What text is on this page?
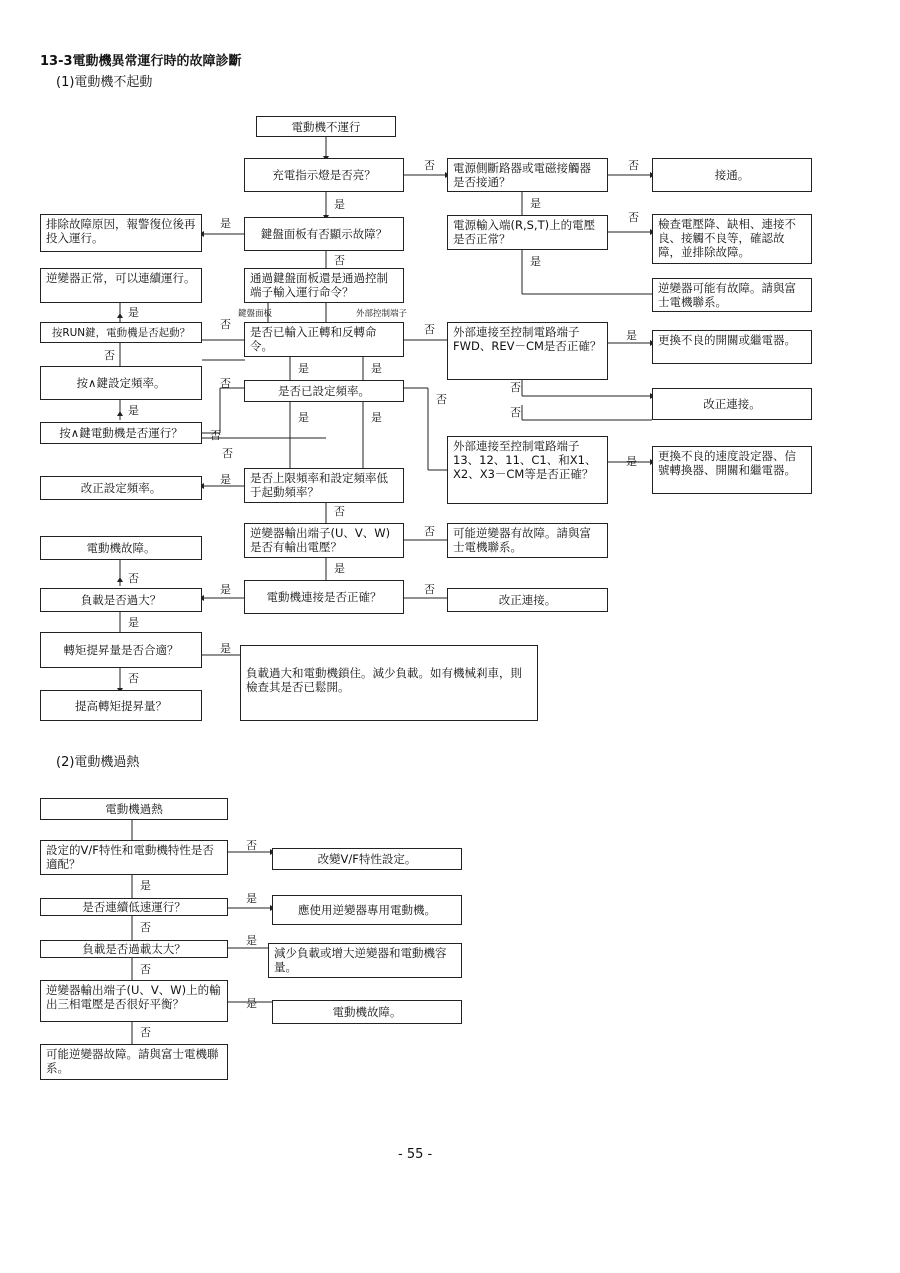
13-3電動機異常運行時的故障診斷
(1)電動機不起動
(2)電動機過熱
- 55 -
電動機不運行
充電指示燈是否亮？	電源側斷路器或電磁接觸器是否接通？	接通。
排除故障原因，報警復位後再投入運行。	鍵盤面板有否顯示故障？
電源輸入端(R,S,T)上的電壓是否正常？
檢查電壓降、缺相、連接不良、接觸不良等，確認故障，並排除故障。
逆變器正常，可以連續運行。	通過鍵盤面板還是通過控制端子輸入運行命令？	逆變器可能有故障。請與富士電機聯系。
按RUN鍵，電動機是否起動？	是否已輸入正轉和反轉命令。
外部連接至控制電路端子FWD、REV－CM是否正確？	更換不良的開關或繼電器。
按∧鍵設定頻率。
是否已設定頻率。
改正連接。
按∧鍵電動機是否運行？
外部連接至控制電路端子13、12、11、C1、和X1、X2、X3－CM等是否正確？
更換不良的速度設定器、信號轉換器、開關和繼電器。
改正設定頻率。
是否上限頻率和設定頻率低于起動頻率？
電動機故障。
逆變器輸出端子(U、V、W)是否有輸出電壓？
可能逆變器有故障。請與富士電機聯系。
負載是否過大？	電動機連接是否正確？	改正連接。
轉矩提昇量是否合適？
負載過大和電動機鎖住。減少負載。如有機械剎車，則檢查其是否已鬆開。
提高轉矩提昇量？
否	否
是	是
是	否
否	是
是	鍵盤面板	外部控制端子
否	否	是
否
是	是
否	否
否
是
是	是	否
否
否
是
是
否
否
是
否
是	否
是
是
否
電動機過熱
設定的V/F特性和電動機特性是否適配？	改變V/F特性設定。
是否連續低速運行？	應使用逆變器專用電動機。
負載是否過載太大？	減少負載或增大逆變器和電動機容量。
逆變器輸出端子(U、V、W)上的輸出三相電壓是否很好平衡？
電動機故障。
可能逆變器故障。請與富士電機聯系。
否
是
是
否
是
否
是
否
